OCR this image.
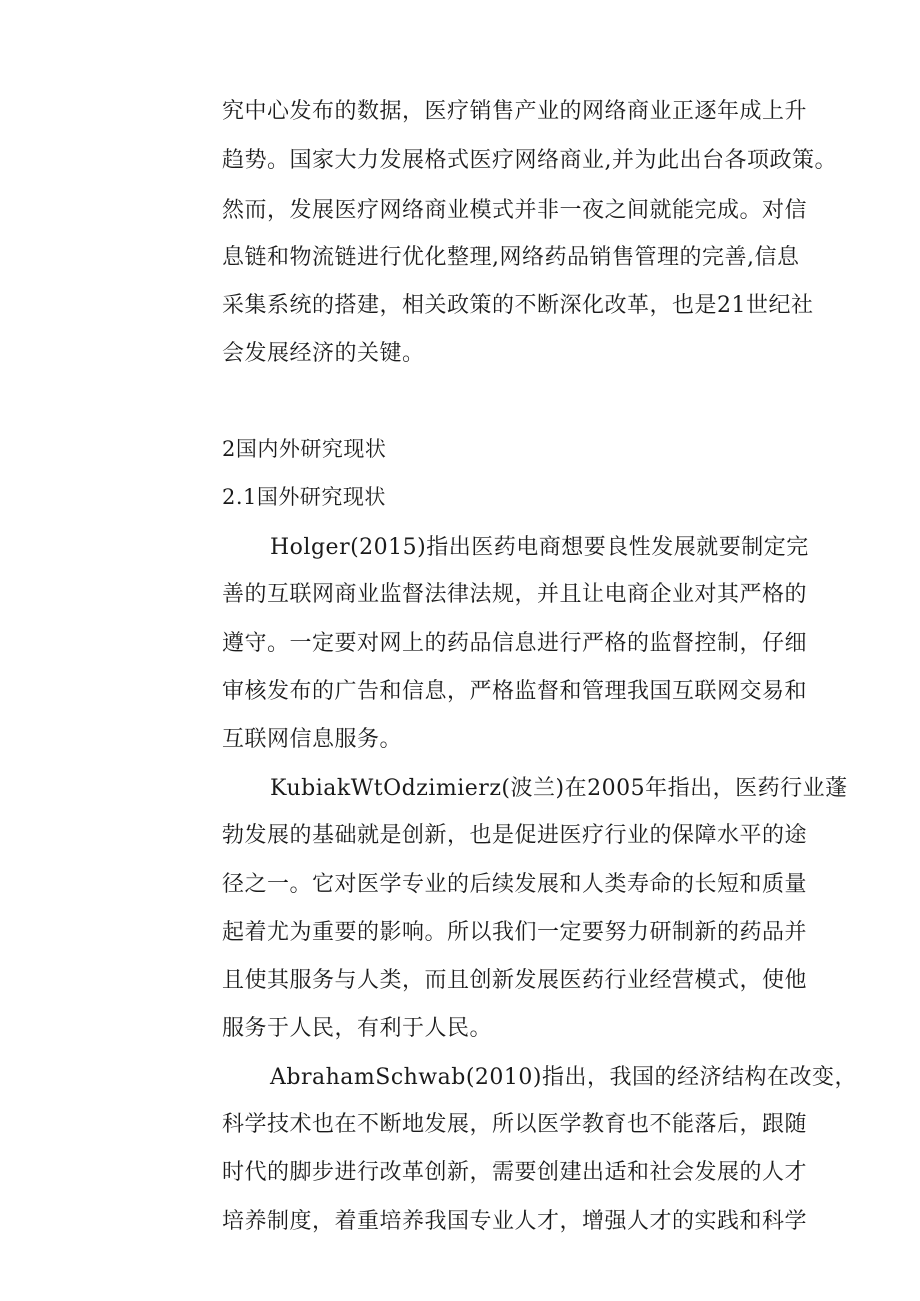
究中心发布的数据，医疗销售产业的网络商业正逐年成上升
趋势。国家大力发展格式医疗网络商业,并为此出台各项政策。
然而，发展医疗网络商业模式并非一夜之间就能完成。对信
息链和物流链进行优化整理,网络药品销售管理的完善,信息
采集系统的搭建，相关政策的不断深化改革，也是21世纪社
会发展经济的关键。
2国内外研究现状
2.1国外研究现状
Holger(2015)指出医药电商想要良性发展就要制定完
善的互联网商业监督法律法规，并且让电商企业对其严格的
遵守。一定要对网上的药品信息进行严格的监督控制，仔细
审核发布的广告和信息，严格监督和管理我国互联网交易和
互联网信息服务。
KubiakWtOdzimierz(波兰)在2005年指出，医药行业蓬
勃发展的基础就是创新，也是促进医疗行业的保障水平的途
径之一。它对医学专业的后续发展和人类寿命的长短和质量
起着尤为重要的影响。所以我们一定要努力研制新的药品并
且使其服务与人类，而且创新发展医药行业经营模式，使他
服务于人民，有利于人民。
AbrahamSchwab(2010)指出，我国的经济结构在改变，
科学技术也在不断地发展，所以医学教育也不能落后，跟随
时代的脚步进行改革创新，需要创建出适和社会发展的人才
培养制度，着重培养我国专业人才，增强人才的实践和科学
